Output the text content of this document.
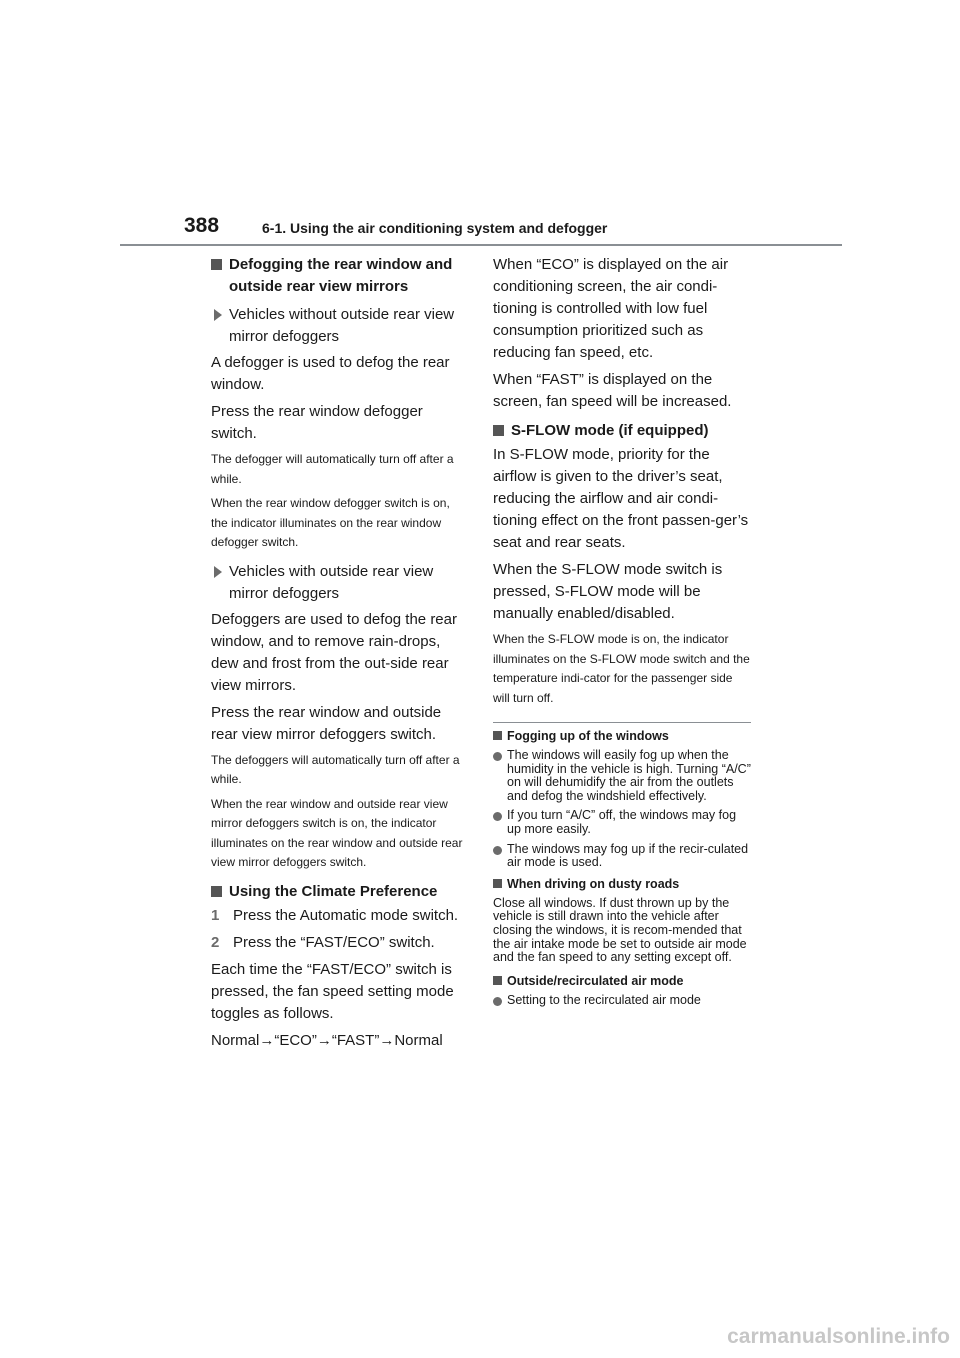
388	6-1. Using the air conditioning system and defogger
Defogging the rear window and outside rear view mirrors
Vehicles without outside rear view mirror defoggers

A defogger is used to defog the rear window.

Press the rear window defogger switch.

The defogger will automatically turn off after a while.

When the rear window defogger switch is on, the indicator illuminates on the rear window defogger switch.

Vehicles with outside rear view mirror defoggers

Defoggers are used to defog the rear window, and to remove rain-drops, dew and frost from the out-side rear view mirrors.

Press the rear window and outside rear view mirror defoggers switch.

The defoggers will automatically turn off after a while.

When the rear window and outside rear view mirror defoggers switch is on, the indicator illuminates on the rear window and outside rear view mirror defoggers switch.

Using the Climate Preference
1 Press the Automatic mode switch.
2 Press the “FAST/ECO” switch.

Each time the “FAST/ECO” switch is pressed, the fan speed setting mode toggles as follows.

Normal→“ECO”→“FAST”→Normal

When “ECO” is displayed on the air conditioning screen, the air condi-tioning is controlled with low fuel consumption prioritized such as reducing fan speed, etc.

When “FAST” is displayed on the screen, fan speed will be increased.

S-FLOW mode (if equipped)

In S-FLOW mode, priority for the airflow is given to the driver’s seat, reducing the airflow and air condi-tioning effect on the front passen-ger’s seat and rear seats.

When the S-FLOW mode switch is pressed, S-FLOW mode will be manually enabled/disabled.

When the S-FLOW mode is on, the indicator illuminates on the S-FLOW mode switch and the temperature indi-cator for the passenger side will turn off.

Fogging up of the windows
The windows will easily fog up when the humidity in the vehicle is high. Turning “A/C” on will dehumidify the air from the outlets and defog the windshield effectively.
If you turn “A/C” off, the windows may fog up more easily.
The windows may fog up if the recir-culated air mode is used.
When driving on dusty roads

Close all windows. If dust thrown up by the vehicle is still drawn into the vehicle after closing the windows, it is recom-mended that the air intake mode be set to outside air mode and the fan speed to any setting except off.

Outside/recirculated air mode
Setting to the recirculated air mode
carmanualsonline.info
